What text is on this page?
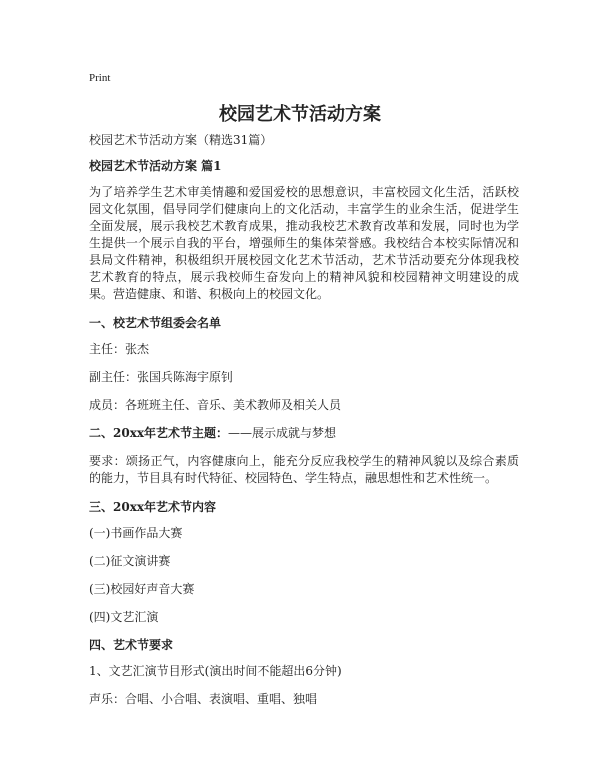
Print
校园艺术节活动方案

校园艺术节活动方案（精选31篇）

校园艺术节活动方案 篇1

为了培养学生艺术审美情趣和爱国爱校的思想意识，丰富校园文化生活，活跃校园文化氛围，倡导同学们健康向上的文化活动，丰富学生的业余生活，促进学生全面发展，展示我校艺术教育成果，推动我校艺术教育改革和发展，同时也为学生提供一个展示自我的平台，增强师生的集体荣誉感。我校结合本校实际情况和县局文件精神，积极组织开展校园文化艺术节活动，艺术节活动要充分体现我校艺术教育的特点，展示我校师生奋发向上的精神风貌和校园精神文明建设的成果。营造健康、和谐、积极向上的校园文化。

一、校艺术节组委会名单

主任：张杰

副主任：张国兵陈海宇原钊

成员：各班班主任、音乐、美术教师及相关人员

二、20xx年艺术节主题：——展示成就与梦想

要求：颂扬正气，内容健康向上，能充分反应我校学生的精神风貌以及综合素质的能力，节目具有时代特征、校园特色、学生特点，融思想性和艺术性统一。

三、20xx年艺术节内容

(一)书画作品大赛

(二)征文演讲赛

(三)校园好声音大赛

(四)文艺汇演

四、艺术节要求

1、文艺汇演节目形式(演出时间不能超出6分钟)

声乐：合唱、小合唱、表演唱、重唱、独唱
